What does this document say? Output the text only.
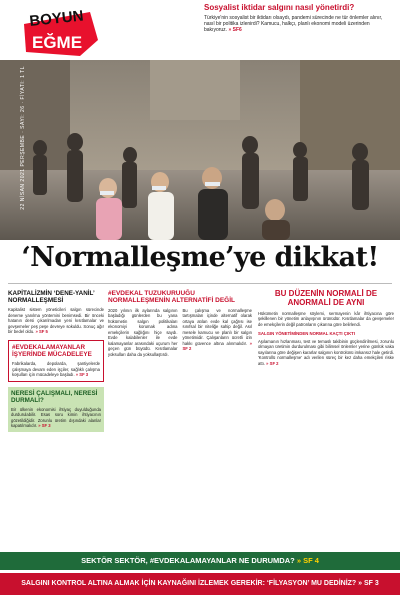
BOYUN
EĞME
Sosyalist iktidar salgını nasıl yönetirdi?
Türkiye'nin sosyalist bir iktidarı olsaydı, pandemi sürecinde ne tür önlemler alınır, nasıl bir politika izlenirdi? Kamucu, halkçı, planlı ekonomi modeli üzerinden bakıyoruz. » SF6
22 NİSAN 2021 PERŞEMBE · SAYI: 26 · FİYATI: 1 TL
‘Normalleşme’ye dikkat!
KAPİTALİZMİN ‘DENE-YANİL’ NORMALLEŞMESİ

Kapitalist sistem yöneticileri salgın sürecinde deneme yanılma yöntemini benimsedi. Bir önceki hatanın dersi çıkarılmadan yeni kısıtlamalar ve gevşemeler peş peşe devreye sokuldu. Sonuç ağır bir bedel oldu. » SF 5

#EVDEKALAMAYANLAR İŞYERİNDE MÜCADELEYE

Fabrikalarda, depolarda, şantiyelerde çalışmaya devam eden işçiler, sağlıklı çalışma koşulları için mücadeleye başladı. » SF 3

NERESİ ÇALIŞMALI, NERESİ DURMALI?

Bir ülkenin ekonomisi ihtiyaç duyulduğunda durdurulabilir. Esas soru kimin ihtiyacının gözetildiğidir. Zorunlu üretim dışındaki alanlar kapatılmalıdır. » SF 3

#EVDEKAL TUZUKURUUĞU NORMALLEŞMENİN ALTERNATİFİ DEĞİL

2020 yılının ilk aylarında salgının başladığı günlerden bu yana hükümetin salgın politikaları ekonomiyi korumak adına emekçilerin sağlığını hiçe saydı. Evde kalabilenler ile evde kalamayanlar arasındaki uçurum her geçen gün büyüdü. Kısıtlamalar yoksulları daha da yoksullaştırdı.

Bu çalışma ve normalleşme tartışmaları içinde alternatif olarak ortaya atılan evde kal çağrısı ise sınıfsal bir niteliğe sahip değil. Asıl mesele kamucu ve planlı bir salgın yönetimidir. Çalışanların ücretli izin hakkı güvence altına alınmalıdır. » SF 2

BU DÜZENİN NORMALİ DE ANORMALİ DE AYNI

Hükümetin normalleşme söylemi, sermayenin kâr ihtiyacına göre şekillenen bir yönetim anlayışının ürünüdür. Kısıtlamalar da gevşemeler de emekçilerin değil patronların çıkarına göre belirlendi.

SALGIN YÖNETİMİNDEN NORMAL KAÇTI ÇIKTI

Aşılamanın hızlanması, test ve temaslı takibinin güçlendirilmesi, zorunlu olmayan üretimin durdurulması gibi bilimsel önlemler yerine günlük vaka sayılarına göre değişen kararlar salgının kontrolünü imkansız hale getirdi. 'Kontrollü normalleşme' adı verilen süreç bir kez daha emekçileri riske attı. » SF 2

SEKTÖR SEKTÖR, #EVDEKALAMAYANLAR NE DURUMDA? » SF 4
SALGINI KONTROL ALTINA ALMAK İÇİN KAYNAĞINI İZLEMEK GEREKİR: ‘FİLYASYON’ MU DEDİNİZ? » SF 3
